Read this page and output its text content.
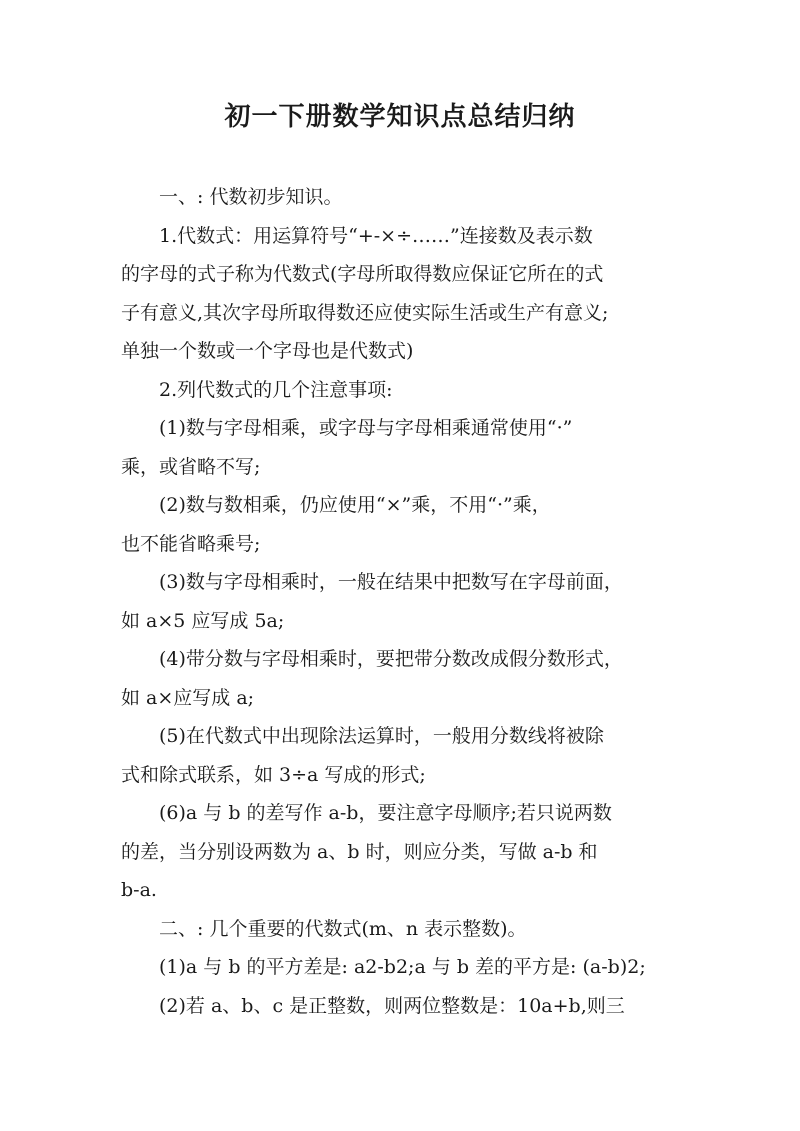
初一下册数学知识点总结归纳

一、: 代数初步知识。

1.代数式：用运算符号“+-×÷……”连接数及表示数
的字母的式子称为代数式(字母所取得数应保证它所在的式
子有意义,其次字母所取得数还应使实际生活或生产有意义;
单独一个数或一个字母也是代数式)

2.列代数式的几个注意事项:

(1)数与字母相乘，或字母与字母相乘通常使用“·”
乘，或省略不写;

(2)数与数相乘，仍应使用“×”乘，不用“·”乘，
也不能省略乘号;

(3)数与字母相乘时，一般在结果中把数写在字母前面，
如 a×5 应写成 5a;

(4)带分数与字母相乘时，要把带分数改成假分数形式，
如 a×应写成 a;

(5)在代数式中出现除法运算时，一般用分数线将被除
式和除式联系，如 3÷a 写成的形式;

(6)a 与 b 的差写作 a-b，要注意字母顺序;若只说两数
的差，当分别设两数为 a、b 时，则应分类，写做 a-b 和
b-a.

二、: 几个重要的代数式(m、n 表示整数)。

(1)a 与 b 的平方差是: a2-b2;a 与 b 差的平方是: (a-b)2;

(2)若 a、b、c 是正整数，则两位整数是：10a+b,则三
